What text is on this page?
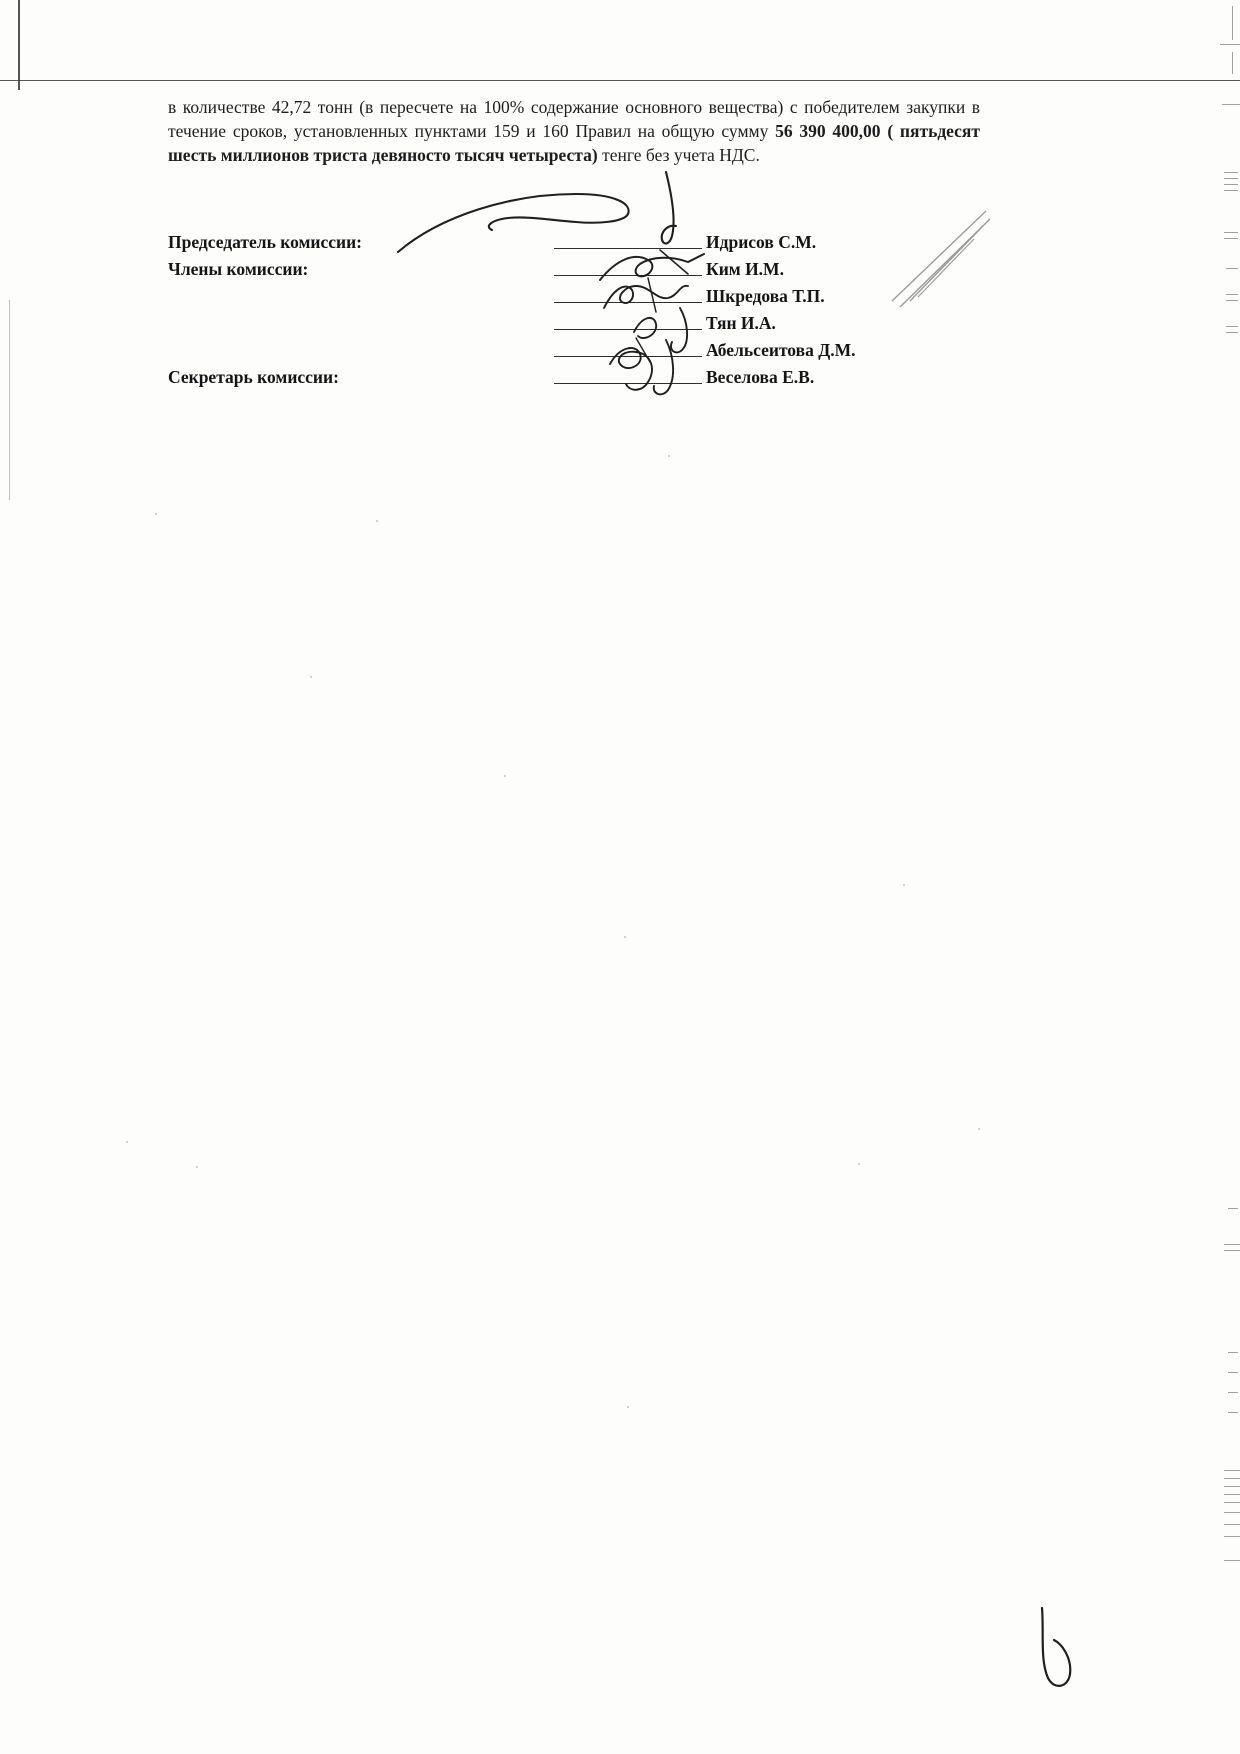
в количестве 42,72 тонн (в пересчете на 100% содержание основного вещества) с победителем закупки в течение сроков, установленных пунктами 159 и 160 Правил на общую сумму 56 390 400,00 ( пятьдесят шесть миллионов триста девяносто тысяч четыреста) тенге без учета НДС.
Председатель комиссии:	Идрисов С.М.
Члены комиссии:	Ким И.М.
Шкредова Т.П.
Тян И.А.
Абельсеитова Д.М.
Секретарь комиссии:	Веселова Е.В.
